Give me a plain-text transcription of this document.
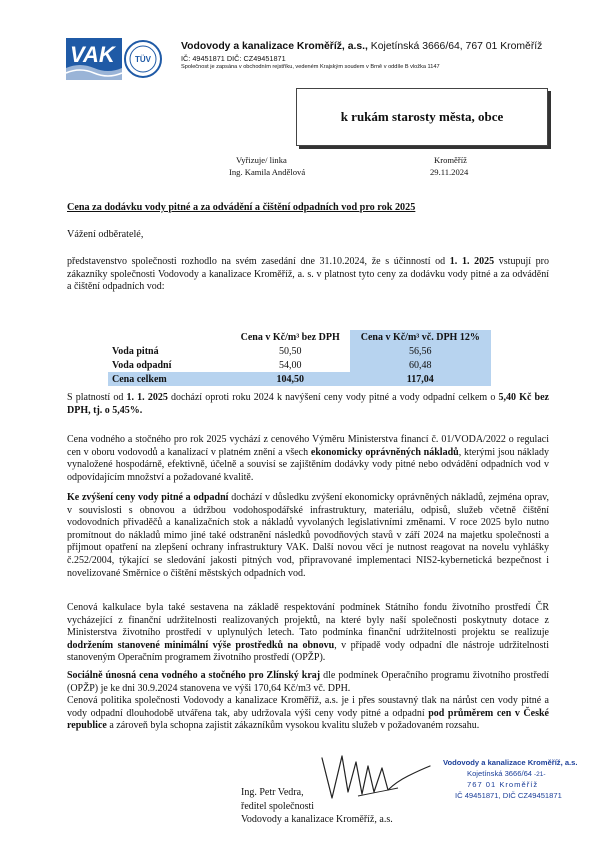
VAK	TÜV
Vodovody a kanalizace Kroměříž, a.s., Kojetínská 3666/64, 767 01 Kroměříž
IČ: 49451871 DIČ: CZ49451871
Společnost je zapsána v obchodním rejstříku, vedeném Krajským soudem v Brně v oddíle B vložka 1147
k rukám starosty města, obce
Vyřizuje/ linka
Ing. Kamila Andělová
Kroměříž
29.11.2024
Cena za dodávku vody pitné a za odvádění a čištění odpadních vod pro rok 2025
Vážení odběratelé,
představenstvo společnosti rozhodlo na svém zasedání dne 31.10.2024, že s účinností od 1. 1. 2025 vstupují pro zákazníky společnosti Vodovody a kanalizace Kroměříž, a. s. v platnost tyto ceny za dodávku vody pitné a za odvádění a čištění odpadních vod:
	Cena v Kč/m³ bez DPH	Cena v Kč/m³ vč. DPH 12%
Voda pitná	50,50	56,56
Voda odpadní	54,00	60,48
Cena celkem	104,50	117,04
S platností od 1. 1. 2025 dochází oproti roku 2024 k navýšení ceny vody pitné a vody odpadní celkem o 5,40 Kč bez DPH, tj. o 5,45%.
Cena vodného a stočného pro rok 2025 vychází z cenového Výměru Ministerstva financí č. 01/VODA/2022 o regulaci cen v oboru vodovodů a kanalizací v platném znění a všech ekonomicky oprávněných nákladů, kterými jsou náklady vynaložené hospodárně, efektivně, účelně a souvisí se zajištěním dodávky vody pitné nebo odvádění odpadních vod v odpovídajícím množství a požadované kvalitě.
Ke zvýšení ceny vody pitné a odpadní dochází v důsledku zvýšení ekonomicky oprávněných nákladů, zejména oprav, v souvislosti s obnovou a údržbou vodohospodářské infrastruktury, materiálu, odpisů, služeb včetně čištění vodovodních přivaděčů a kanalizačních stok a nákladů vyvolaných legislativními změnami. V roce 2025 bylo nutno promítnout do nákladů mimo jiné také odstranění následků povodňových stavů v září 2024 na majetku společnosti a přijmout opatření na zlepšení ochrany infrastruktury VAK. Další novou věcí je nutnost reagovat na novelu vyhlášky č.252/2004, týkající se sledování jakosti pitných vod, připravované implementaci NIS2-kybernetická bezpečnost i novelizované Směrnice o čištění městských odpadních vod.
Cenová kalkulace byla také sestavena na základě respektování podmínek Státního fondu životního prostředí ČR vycházející z finanční udržitelnosti realizovaných projektů, na které byly naší společnosti poskytnuty dotace z Ministerstva životního prostředí v uplynulých letech. Tato podmínka finanční udržitelnosti projektu se realizuje dodržením stanovené minimální výše prostředků na obnovu, v případě vody odpadní dle nástroje udržitelnosti stanoveným Operačním programem životního prostředí (OPŽP).
Sociálně únosná cena vodného a stočného pro Zlínský kraj dle podmínek Operačního programu životního prostředí (OPŽP) je ke dni 30.9.2024 stanovena ve výši 170,64 Kč/m3 vč. DPH.
Cenová politika společnosti Vodovody a kanalizace Kroměříž, a.s. je i přes soustavný tlak na nárůst cen vody pitné a vody odpadní dlouhodobě utvářena tak, aby udržovala výši ceny vody pitné a odpadní pod průměrem cen v České republice a zároveň byla schopna zajistit zákazníkům vysokou kvalitu služeb v požadovaném rozsahu.
Ing. Petr Vedra,
ředitel společnosti
Vodovody a kanalizace Kroměříž, a.s.
Vodovody a kanalizace Kroměříž, a.s.
Kojetínská 3666/64
767 01 Kroměříž
IČ 49451871, DIČ CZ49451871
-21-
